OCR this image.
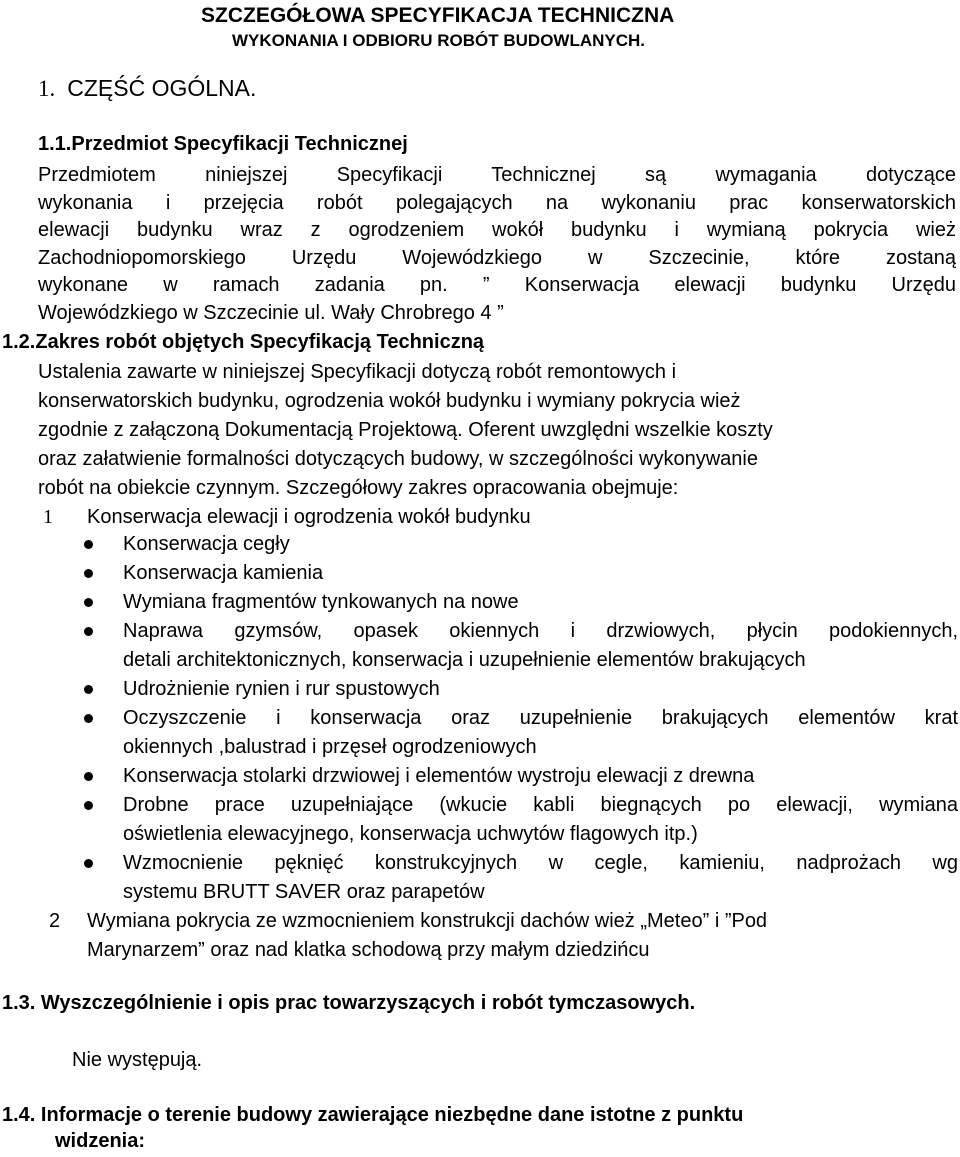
SZCZEGÓŁOWA SPECYFIKACJA TECHNICZNA
WYKONANIA I ODBIORU ROBÓT BUDOWLANYCH.
1. CZĘŚĆ OGÓLNA.
1.1.Przedmiot Specyfikacji Technicznej
Przedmiotem niniejszej Specyfikacji Technicznej są wymagania dotyczące
wykonania i przejęcia robót polegających na wykonaniu prac konserwatorskich
elewacji budynku wraz z ogrodzeniem wokół budynku i wymianą pokrycia wież
Zachodniopomorskiego Urzędu Wojewódzkiego w Szczecinie, które zostaną
wykonane w ramach zadania pn. ” Konserwacja elewacji budynku Urzędu
Wojewódzkiego w Szczecinie ul. Wały Chrobrego 4 ”
1.2.Zakres robót objętych Specyfikacją Techniczną
Ustalenia zawarte w niniejszej Specyfikacji dotyczą robót remontowych i
konserwatorskich budynku, ogrodzenia wokół budynku i wymiany pokrycia wież
zgodnie z załączoną Dokumentacją Projektową. Oferent uwzględni wszelkie koszty
oraz załatwienie formalności dotyczących budowy, w szczególności wykonywanie
robót na obiekcie czynnym. Szczegółowy zakres opracowania obejmuje:
1 Konserwacja elewacji i ogrodzenia wokół budynku
Konserwacja cegły
Konserwacja kamienia
Wymiana fragmentów tynkowanych na nowe
Naprawa gzymsów, opasek okiennych i drzwiowych, płycin podokiennych,
detali architektonicznych, konserwacja i uzupełnienie elementów brakujących
Udrożnienie rynien i rur spustowych
Oczyszczenie i konserwacja oraz uzupełnienie brakujących elementów krat
okiennych ,balustrad i przęseł ogrodzeniowych
Konserwacja stolarki drzwiowej i elementów wystroju elewacji z drewna
Drobne prace uzupełniające (wkucie kabli biegnących po elewacji, wymiana
oświetlenia elewacyjnego, konserwacja uchwytów flagowych itp.)
Wzmocnienie pęknięć konstrukcyjnych w cegle, kamieniu, nadprożach wg
systemu BRUTT SAVER oraz parapetów
2 Wymiana pokrycia ze wzmocnieniem konstrukcji dachów wież „Meteo” i ”Pod
Marynarzem” oraz nad klatka schodową przy małym dziedzińcu
1.3. Wyszczególnienie i opis prac towarzyszących i robót tymczasowych.
Nie występują.
1.4. Informacje o terenie budowy zawierające niezbędne dane istotne z punktu
widzenia:
